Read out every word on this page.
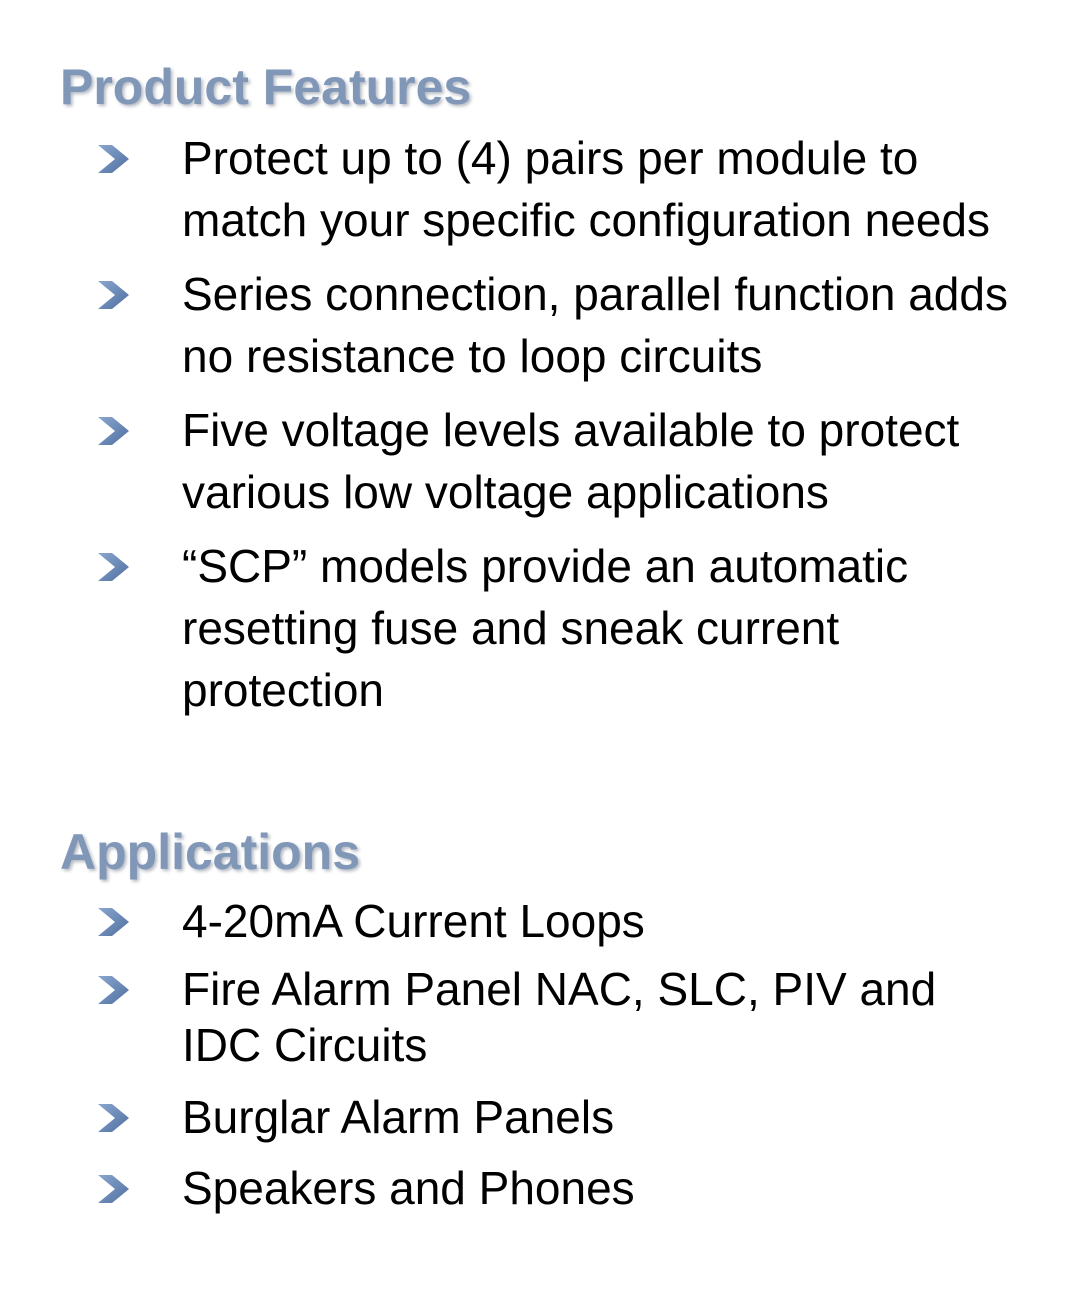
Product Features
Protect up to (4) pairs per module to
match your specific configuration needs
Series connection, parallel function adds
no resistance to loop circuits
Five voltage levels available to protect
various low voltage applications
“SCP” models provide an automatic
resetting fuse and sneak current
protection
Applications
4-20mA Current Loops
Fire Alarm Panel NAC, SLC, PIV and
IDC Circuits
Burglar Alarm Panels
Speakers and Phones
